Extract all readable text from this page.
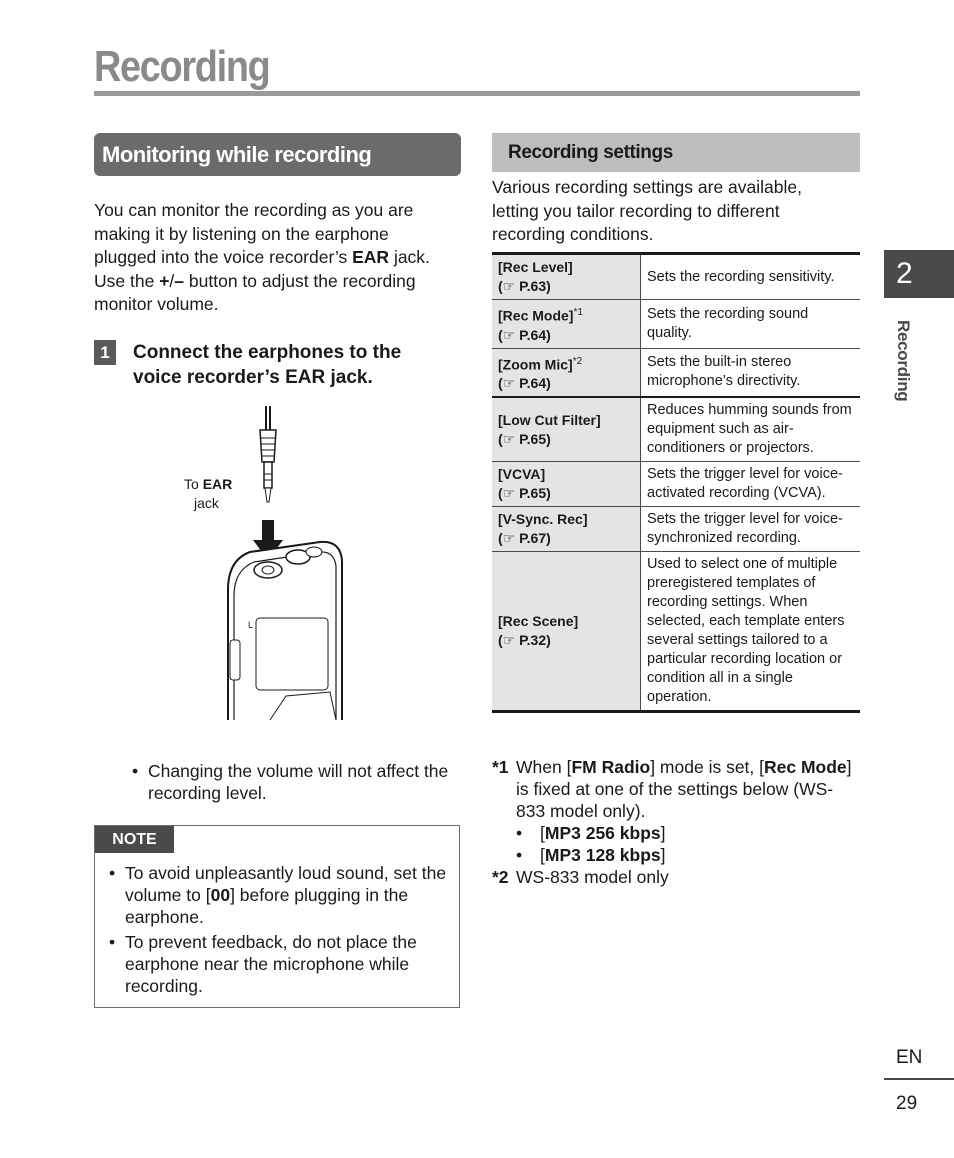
Recording
Monitoring while recording
You can monitor the recording as you are making it by listening on the earphone plugged into the voice recorder’s EAR jack. Use the +/– button to adjust the recording monitor volume.
1	Connect the earphones to the voice recorder’s EAR jack.
To EAR
jack
L
• Changing the volume will not affect the recording level.
NOTE
• To avoid unpleasantly loud sound, set the volume to [00] before plugging in the earphone.
• To prevent feedback, do not place the earphone near the microphone while recording.
Recording settings
Various recording settings are available, letting you tailor recording to different recording conditions.
[Rec Level]
(☞ P.63)	Sets the recording sensitivity.

[Rec Mode]$^{*1}$
(☞ P.64)	Sets the recording sound quality.

[Zoom Mic]$^{*2}$
(☞ P.64)	Sets the built-in stereo microphone’s directivity.

[Low Cut Filter]
(☞ P.65)	Reduces humming sounds from equipment such as air-conditioners or projectors.

[VCVA]
(☞ P.65)	Sets the trigger level for voice-activated recording (VCVA).

[V-Sync. Rec]
(☞ P.67)	Sets the trigger level for voice-synchronized recording.

[Rec Scene]
(☞ P.32)	Used to select one of multiple preregistered templates of recording settings. When selected, each template enters several settings tailored to a particular recording location or condition all in a single operation.
*1 When [FM Radio] mode is set, [Rec Mode] is fixed at one of the settings below (WS-833 model only).
•	[MP3 256 kbps]
•	[MP3 128 kbps]
*2 WS-833 model only
2
Recording
EN
29
